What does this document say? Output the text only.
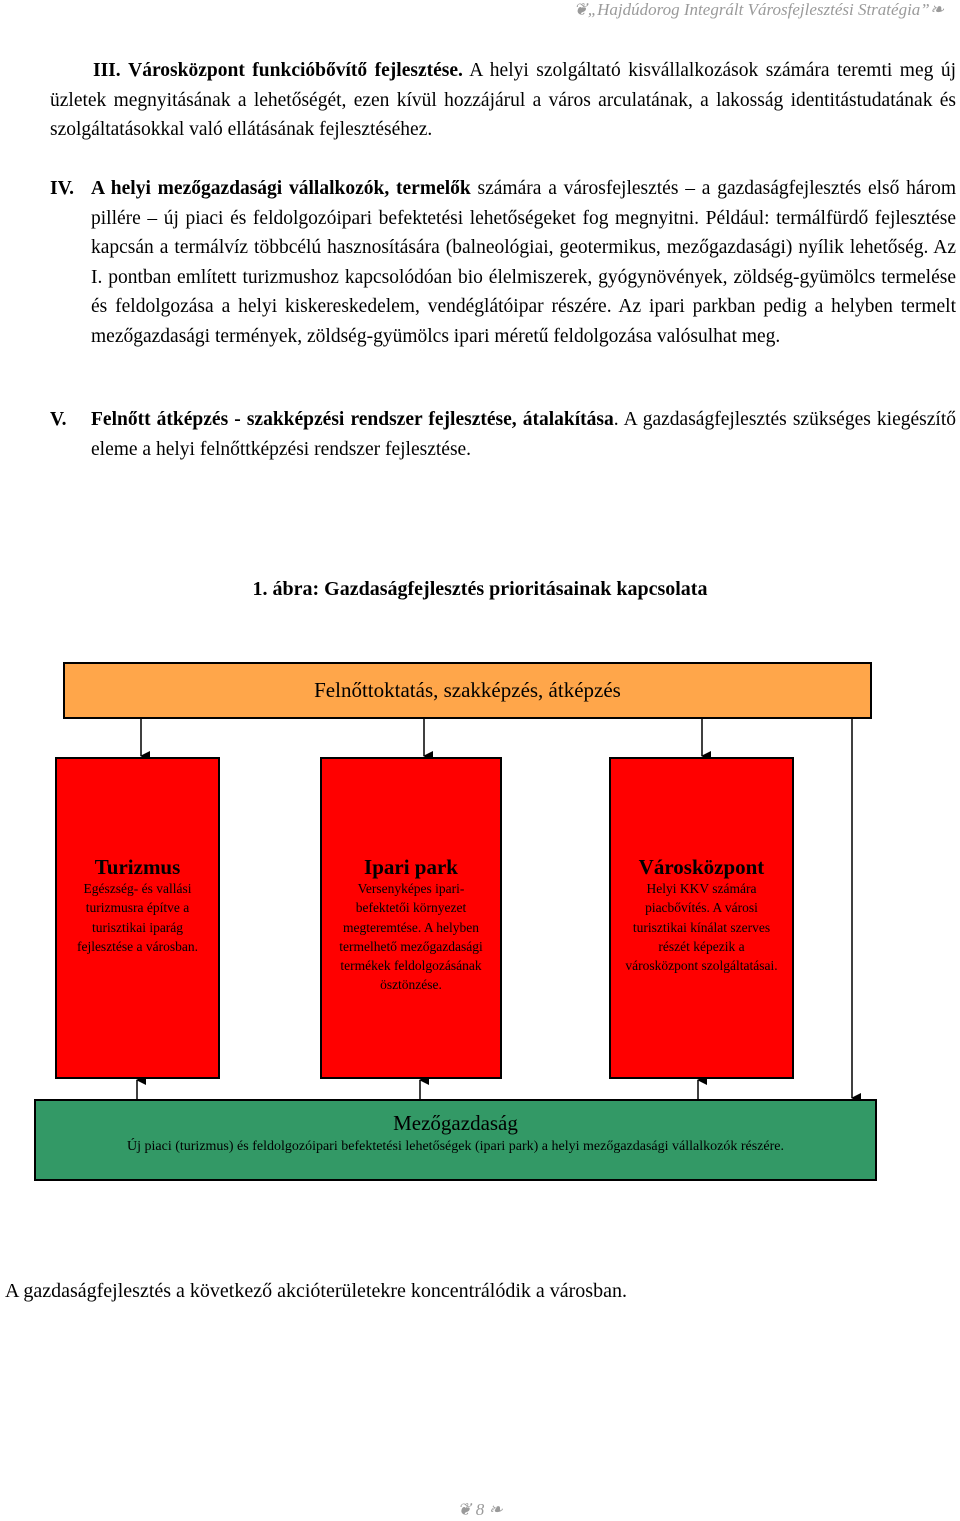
❦„Hajdúdorog Integrált Városfejlesztési Stratégia”❧
III. Városközpont funkcióbővítő fejlesztése. A helyi szolgáltató kisvállalkozások számára teremti meg új üzletek megnyitásának a lehetőségét, ezen kívül hozzájárul a város arculatának, a lakosság identitástudatának és szolgáltatásokkal való ellátásának fejlesztéséhez.
IV. A helyi mezőgazdasági vállalkozók, termelők számára a városfejlesztés – a gazdaságfejlesztés első három pillére – új piaci és feldolgozóipari befektetési lehetőségeket fog megnyitni. Például: termálfürdő fejlesztése kapcsán a termálvíz többcélú hasznosítására (balneológiai, geotermikus, mezőgazdasági) nyílik lehetőség. Az I. pontban említett turizmushoz kapcsolódóan bio élelmiszerek, gyógynövények, zöldség-gyümölcs termelése és feldolgozása a helyi kiskereskedelem, vendéglátóipar részére. Az ipari parkban pedig a helyben termelt mezőgazdasági termények, zöldség-gyümölcs ipari méretű feldolgozása valósulhat meg.
V. Felnőtt átképzés - szakképzési rendszer fejlesztése, átalakítása. A gazdaságfejlesztés szükséges kiegészítő eleme a helyi felnőttképzési rendszer fejlesztése.
1. ábra: Gazdaságfejlesztés prioritásainak kapcsolata
Felnőttoktatás, szakképzés, átképzés
Turizmus
Egészség- és vallási turizmusra építve a turisztikai iparág fejlesztése a városban.
Ipari park
Versenyképes ipari-befektetői környezet megteremtése. A helyben termelhető mezőgazdasági termékek feldolgozásának ösztönzése.
Városközpont
Helyi KKV számára piacbővítés. A városi turisztikai kínálat szerves részét képezik a városközpont szolgáltatásai.
Mezőgazdaság
Új piaci (turizmus) és feldolgozóipari befektetési lehetőségek (ipari park) a helyi mezőgazdasági vállalkozók részére.
A gazdaságfejlesztés a következő akcióterületekre koncentrálódik a városban.
❦ 8 ❧
